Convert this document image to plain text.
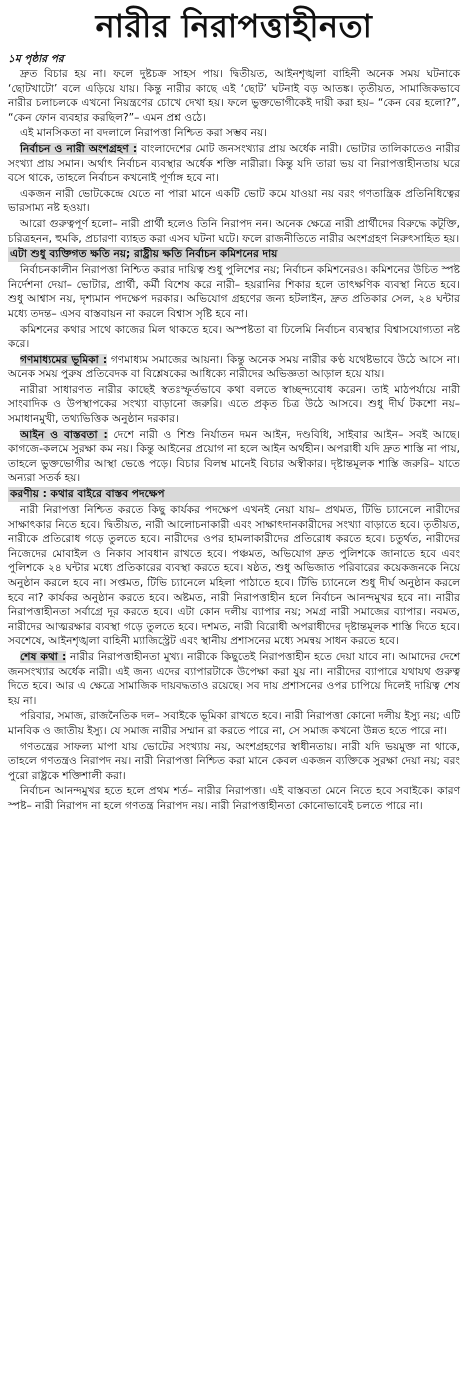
নারীর নিরাপত্তাহীনতা
১ম পৃষ্ঠার পর

দ্রুত বিচার হয় না। ফলে দুষ্টচক্র সাহস পায়। দ্বিতীয়ত, আইনশৃঙ্খলা বাহিনী অনেক সময় ঘটনাকে ‘ছোটখাটো’ বলে এড়িয়ে যায়। কিন্তু নারীর কাছে এই ‘ছোট’ ঘটনাই বড় আতঙ্ক। তৃতীয়ত, সামাজিকভাবে নারীর চলাচলকে এখনো নিয়ন্ত্রণের চোখে দেখা হয়। ফলে ভুক্তভোগীকেই দায়ী করা হয়– “কেন বের হলো?”, “কেন ফোন ব্যবহার করছিল?”– এমন প্রশ্ন ওঠে।

এই মানসিকতা না বদলালে নিরাপত্তা নিশ্চিত করা সম্ভব নয়।

নির্বাচন ও নারী অংশগ্রহণ : বাংলাদেশের মোট জনসংখ্যার প্রায় অর্ধেক নারী। ভোটার তালিকাতেও নারীর সংখ্যা প্রায় সমান। অর্থাৎ নির্বাচন ব্যবস্থার অর্ধেক শক্তি নারীরা। কিন্তু যদি তারা ভয় বা নিরাপত্তাহীনতায় ঘরে বসে থাকে, তাহলে নির্বাচন কখনোই পূর্ণাঙ্গ হবে না।

একজন নারী ভোটকেন্দ্রে যেতে না পারা মানে একটি ভোট কমে যাওয়া নয় বরং গণতান্ত্রিক প্রতিনিধিত্বের ভারসাম্য নষ্ট হওয়া।

আরো গুরুত্বপূর্ণ হলো– নারী প্রার্থী হলেও তিনি নিরাপদ নন। অনেক ক্ষেত্রে নারী প্রার্থীদের বিরুদ্ধে কটূক্তি, চরিত্রহনন, হুমকি, প্রচারণা ব্যাহত করা এসব ঘটনা ঘটে। ফলে রাজনীতিতে নারীর অংশগ্রহণ নিরুৎসাহিত হয়।

এটা শুধু ব্যক্তিগত ক্ষতি নয়; রাষ্ট্রীয় ক্ষতি নির্বাচন কমিশনের দায়

নির্বাচনকালীন নিরাপত্তা নিশ্চিত করার দায়িত্ব শুধু পুলিশের নয়; নির্বাচন কমিশনেরও। কমিশনের উচিত স্পষ্ট নির্দেশনা দেয়া– ভোটার, প্রার্থী, কর্মী বিশেষ করে নারী– হয়রানির শিকার হলে তাৎক্ষণিক ব্যবস্থা নিতে হবে। শুধু আশ্বাস নয়, দৃশ্যমান পদক্ষেপ দরকার। অভিযোগ গ্রহণের জন্য হটলাইন, দ্রুত প্রতিকার সেল, ২৪ ঘন্টার মধ্যে তদন্ত– এসব বাস্তবায়ন না করলে বিশ্বাস সৃষ্টি হবে না।

কমিশনের কথার সাথে কাজের মিল থাকতে হবে। অস্পষ্টতা বা ঢিলেমি নির্বাচন ব্যবস্থার বিশ্বাসযোগ্যতা নষ্ট করে।

গণমাধ্যমের ভূমিকা : গণমাধ্যম সমাজের আয়না। কিন্তু অনেক সময় নারীর কণ্ঠ যথেষ্টভাবে উঠে আসে না। অনেক সময় পুরুষ প্রতিবেদক বা বিশ্লেষকের আধিক্যে নারীদের অভিজ্ঞতা আড়াল হয়ে যায়।

নারীরা সাধারণত নারীর কাছেই স্বতঃস্ফূর্তভাবে কথা বলতে স্বাচ্ছন্দ্যবোধ করেন। তাই মাঠপর্যায়ে নারী সাংবাদিক ও উপস্থাপকের সংখ্যা বাড়ানো জরুরি। এতে প্রকৃত চিত্র উঠে আসবে। শুধু দীর্ঘ টকশো নয়– সমাধানমুখী, তথ্যভিত্তিক অনুষ্ঠান দরকার।

আইন ও বাস্তবতা : দেশে নারী ও শিশু নির্যাতন দমন আইন, দণ্ডবিধি, সাইবার আইন– সবই আছে। কাগজে-কলমে সুরক্ষা কম নয়। কিন্তু আইনের প্রয়োগ না হলে আইন অর্থহীন। অপরাধী যদি দ্রুত শাস্তি না পায়, তাহলে ভুক্তভোগীর আস্থা ভেঙে পড়ে। বিচার বিলম্ব মানেই বিচার অস্বীকার। দৃষ্টান্তমূলক শাস্তি জরুরি– যাতে অন্যরা সতর্ক হয়।

করণীয় : কথার বাইরে বাস্তব পদক্ষেপ

নারী নিরাপত্তা নিশ্চিত করতে কিছু কার্যকর পদক্ষেপ এখনই নেয়া যায়– প্রথমত, টিভি চ্যানেলে নারীদের সাক্ষাৎকার নিতে হবে। দ্বিতীয়ত, নারী আলোচনাকারী এবং সাক্ষাৎদানকারীদের সংখ্যা বাড়াতে হবে। তৃতীয়ত, নারীকে প্রতিরোধ গড়ে তুলতে হবে। নারীদের ওপর হামলাকারীদের প্রতিরোধ করতে হবে। চতুর্থত, নারীদের নিজেদের মোবাইল ও নিকাব সাবধান রাখতে হবে। পঞ্চমত, অভিযোগ দ্রুত পুলিশকে জানাতে হবে এবং পুলিশকে ২৪ ঘন্টার মধ্যে প্রতিকারের ব্যবস্থা করতে হবে। ষষ্ঠত, শুধু অভিজাত পরিবারের কয়েকজনকে নিয়ে অনুষ্ঠান করলে হবে না। সপ্তমত, টিভি চ্যানেলে মহিলা পাঠাতে হবে। টিভি চ্যানেলে শুধু দীর্ঘ অনুষ্ঠান করলে হবে না? কার্যকর অনুষ্ঠান করতে হবে। অষ্টমত, নারী নিরাপত্তাহীন হলে নির্বাচন আনন্দমুখর হবে না। নারীর নিরাপত্তাহীনতা সর্বাগ্রে দূর করতে হবে। এটা কোন দলীয় ব্যাপার নয়; সমগ্র নারী সমাজের ব্যাপার। নবমত, নারীদের আত্মরক্ষার ব্যবস্থা গড়ে তুলতে হবে। দশমত, নারী বিরোধী অপরাধীদের দৃষ্টান্তমূলক শাস্তি দিতে হবে। সবশেষে, আইনশৃঙ্খলা বাহিনী ম্যাজিস্ট্রেট এবং স্থানীয় প্রশাসনের মধ্যে সমন্বয় সাধন করতে হবে।

শেষ কথা : নারীর নিরাপত্তাহীনতা মুখ্য। নারীকে কিছুতেই নিরাপত্তাহীন হতে দেয়া যাবে না। আমাদের দেশে জনসংখ্যার অর্ধেক নারী। এই জন্য এদের ব্যাপারটাকে উপেক্ষা করা যুয় না। নারীদের ব্যাপারে যথাযথ গুরুত্ব দিতে হবে। আর এ ক্ষেত্রে সামাজিক দায়বদ্ধতাও রয়েছে। সব দায় প্রশাসনের ওপর চাপিয়ে দিলেই দায়িত্ব শেষ হয় না।

পরিবার, সমাজ, রাজনৈতিক দল– সবাইকে ভূমিকা রাখতে হবে। নারী নিরাপত্তা কোনো দলীয় ইস্যু নয়; এটি মানবিক ও জাতীয় ইস্যু। যে সমাজ নারীর সম্মান রা করতে পারে না, সে সমাজ কখনো উন্নত হতে পারে না।

গণতন্ত্রের সাফল্য মাপা যায় ভোটের সংখ্যায় নয়, অংশগ্রহণের স্বাধীনতায়। নারী যদি ভয়মুক্ত না থাকে, তাহলে গণতন্ত্রও নিরাপদ নয়। নারী নিরাপত্তা নিশ্চিত করা মানে কেবল একজন ব্যক্তিকে সুরক্ষা দেয়া নয়; বরং পুরো রাষ্ট্রকে শক্তিশালী করা।

নির্বাচন আনন্দমুখর হতে হলে প্রথম শর্ত– নারীর নিরাপত্তা। এই বাস্তবতা মেনে নিতে হবে সবাইকে। কারণ স্পষ্ট– নারী নিরাপদ না হলে গণতন্ত্র নিরাপদ নয়। নারী নিরাপত্তাহীনতা কোনোভাবেই চলতে পারে না।
